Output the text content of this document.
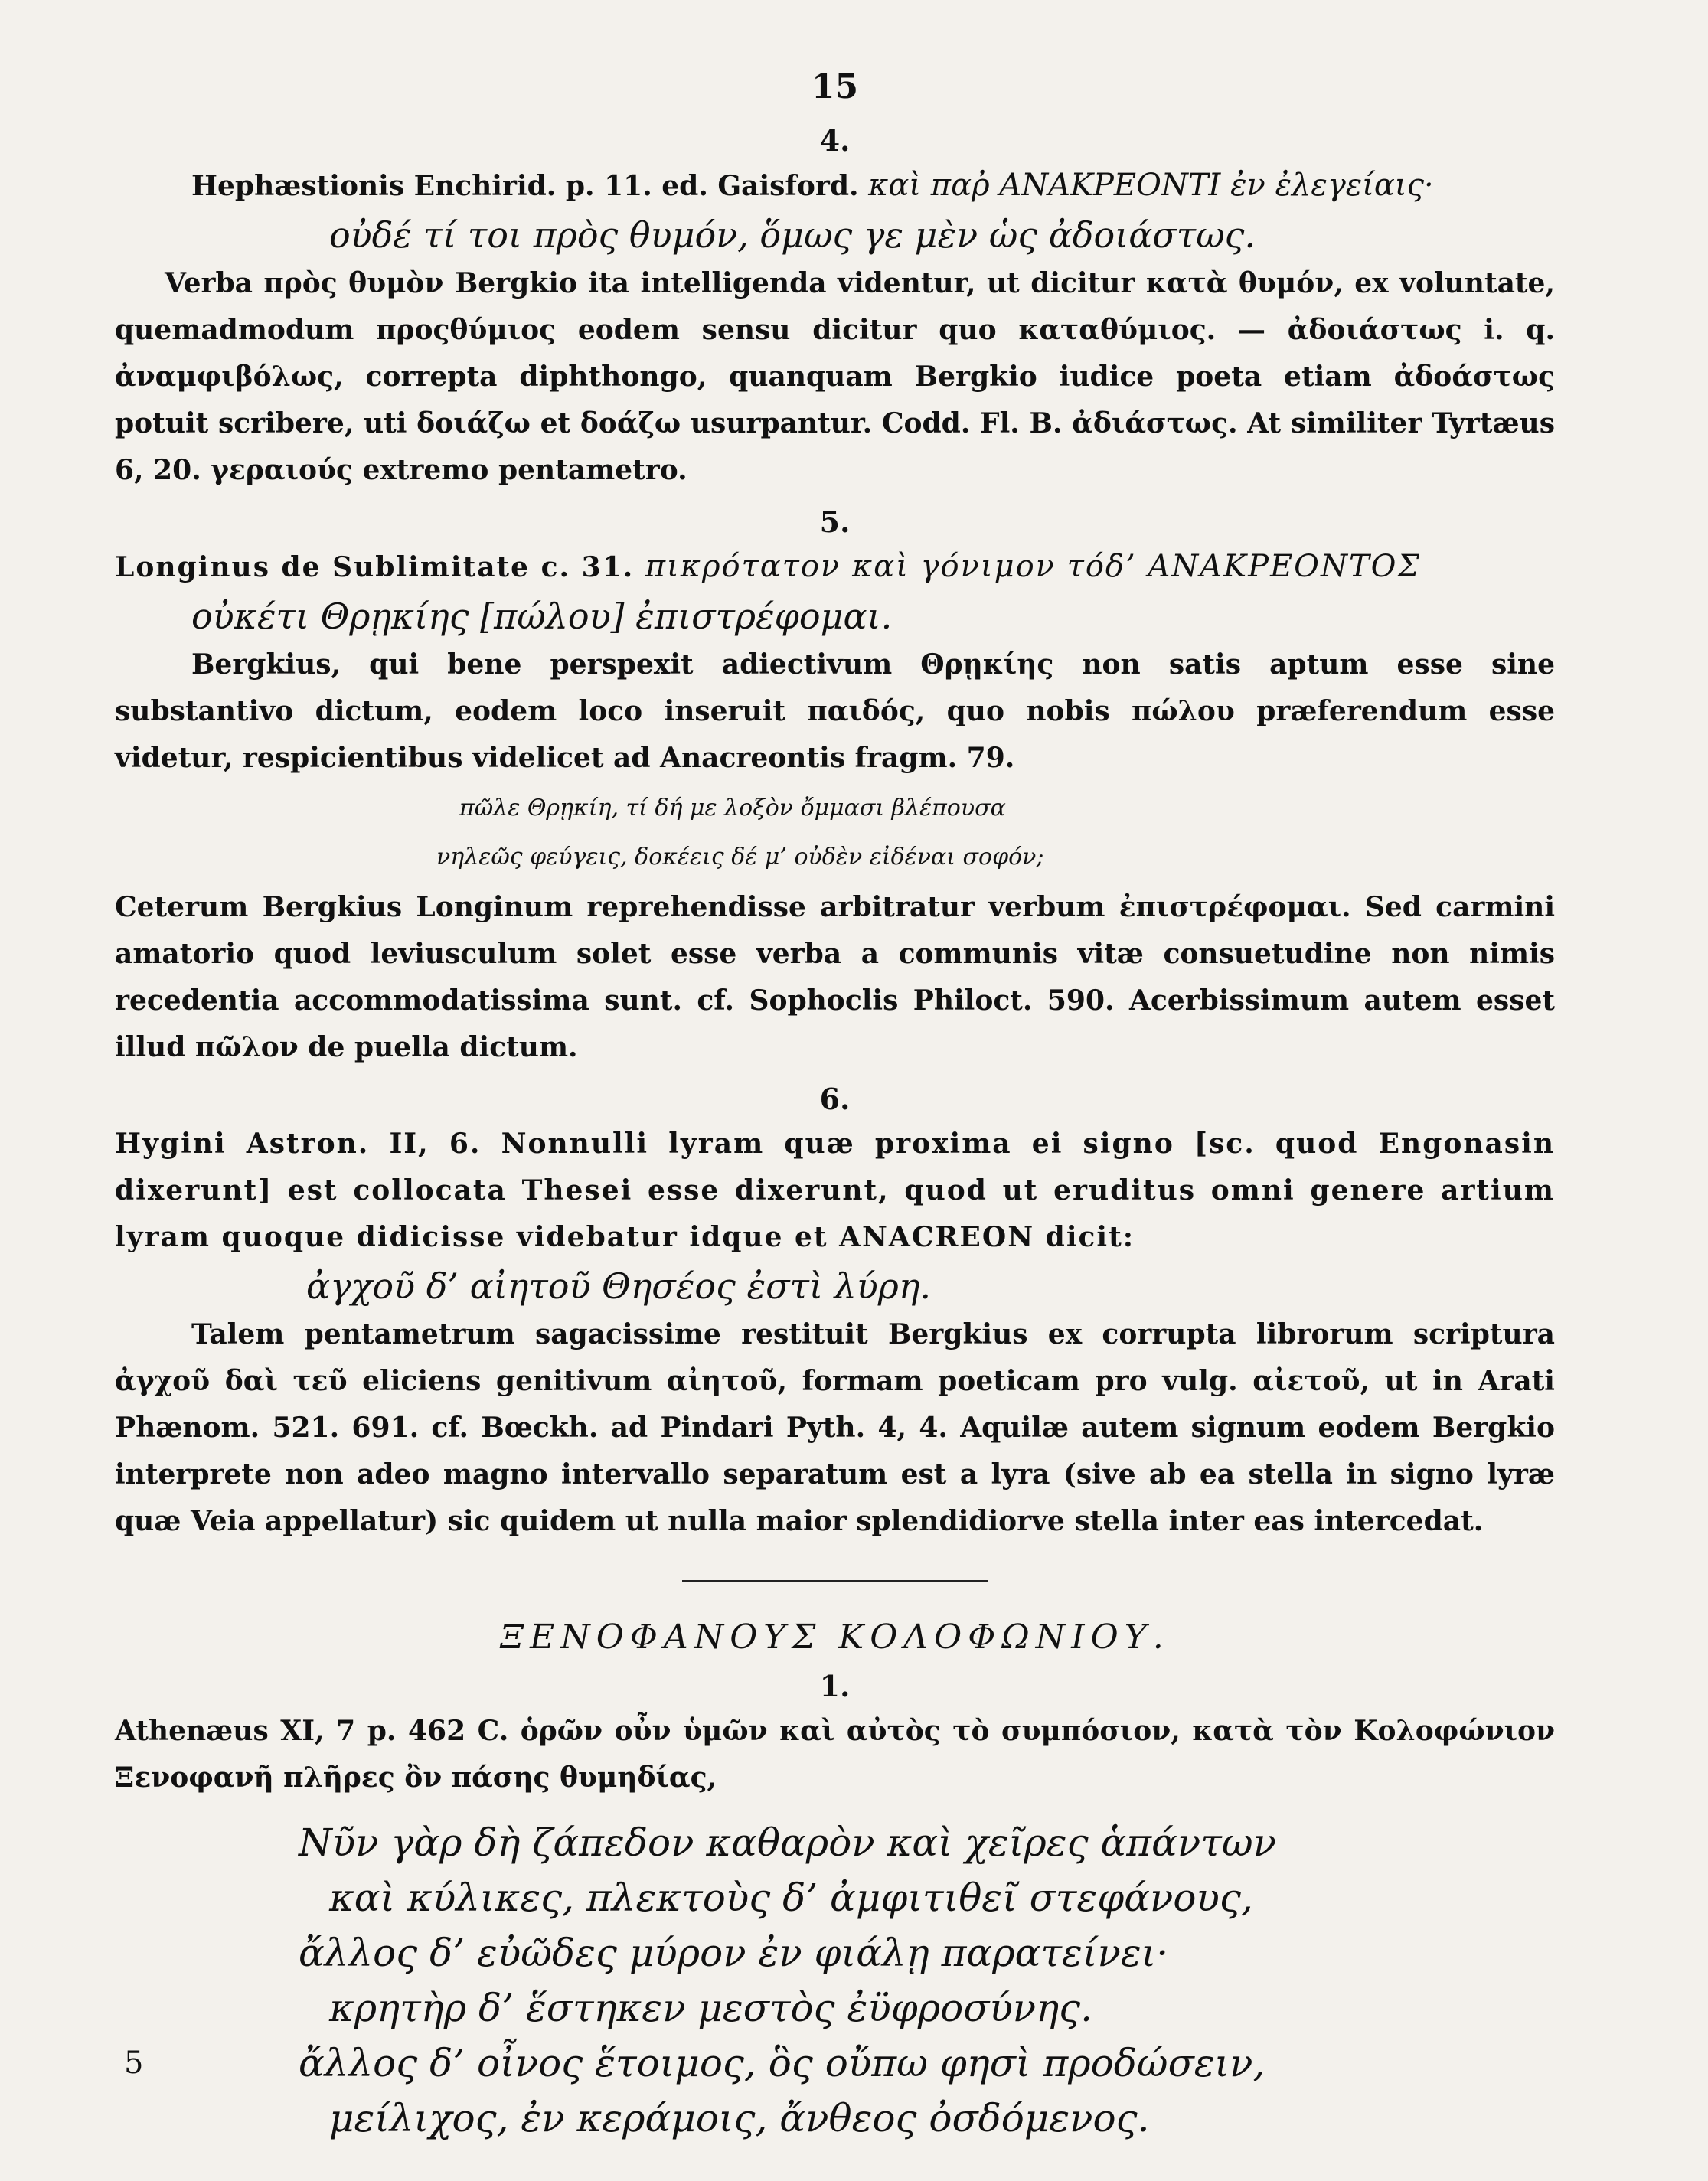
15
4.

Hephæstionis Enchirid. p. 11. ed. Gaisford. καὶ παῤ ΑΝΑΚΡΕΟΝΤΙ ἐν ἐλεγείαις·

οὐδέ τί τοι πρὸς θυμόν, ὅμως γε μὲν ὡς ἀδοιάστως.

Verba πρὸς θυμὸν Bergkio ita intelligenda videntur, ut dicitur κατὰ θυμόν, ex voluntate, quemadmodum προςθύμιος eodem sensu dicitur quo καταθύμιος. — ἀδοιάστως i. q. ἀναμφιβόλως, correpta diphthongo, quanquam Bergkio iudice poeta etiam ἀδοάστως potuit scribere, uti δοιάζω et δοάζω usurpantur. Codd. Fl. B. ἀδιάστως. At similiter Tyrtæus 6, 20. γεραιούς extremo pentametro.

5.

Longinus de Sublimitate c. 31. πικρότατον καὶ γόνιμον τόδ’ ΑΝΑΚΡΕΟΝΤΟΣ

οὐκέτι Θρῃκίης [πώλου] ἐπιστρέφομαι.

Bergkius, qui bene perspexit adiectivum Θρῃκίης non satis aptum esse sine substantivo dictum, eodem loco inseruit παιδός, quo nobis πώλου præferendum esse videtur, respicientibus videlicet ad Anacreontis fragm. 79.

πῶλε Θρῃκίη, τί δή με λοξὸν ὄμμασι βλέπουσα
νηλεῶς φεύγεις, δοκέεις δέ μ’ οὐδὲν εἰδέναι σοφόν;

Ceterum Bergkius Longinum reprehendisse arbitratur verbum ἐπιστρέφομαι. Sed carmini amatorio quod leviusculum solet esse verba a communis vitæ consuetudine non nimis recedentia accommodatissima sunt. cf. Sophoclis Philoct. 590. Acerbissimum autem esset illud πῶλον de puella dictum.

6.

Hygini Astron. II, 6. Nonnulli lyram quæ proxima ei signo [sc. quod Engonasin dixerunt] est collocata Thesei esse dixerunt, quod ut eruditus omni genere artium lyram quoque didicisse videbatur idque et ANACREON dicit:

ἀγχοῦ δ’ αἰητοῦ Θησέος ἐστὶ λύρη.

Talem pentametrum sagacissime restituit Bergkius ex corrupta librorum scriptura ἀγχοῦ δαὶ τεῦ eliciens genitivum αἰητοῦ, formam poeticam pro vulg. αἰετοῦ, ut in Arati Phænom. 521. 691. cf. Bœckh. ad Pindari Pyth. 4, 4. Aquilæ autem signum eodem Bergkio interprete non adeo magno intervallo separatum est a lyra (sive ab ea stella in signo lyræ quæ Veia appellatur) sic quidem ut nulla maior splendidiorve stella inter eas intercedat.

ΞΕΝΟΦΑΝΟΥΣ ΚΟΛΟΦΩΝΙΟΥ.
1.

Athenæus XI, 7 p. 462 C. ὁρῶν οὖν ὑμῶν καὶ αὐτὸς τὸ συμπόσιον, κατὰ τὸν Κολοφώνιον Ξενοφανῆ πλῆρες ὂν πάσης θυμηδίας,

Νῦν γὰρ δὴ ζάπεδον καθαρὸν καὶ χεῖρες ἁπάντων
καὶ κύλικες, πλεκτοὺς δ’ ἀμφιτιθεῖ στεφάνους,
ἄλλος δ’ εὐῶδες μύρον ἐν φιάλῃ παρατείνει·
κρητὴρ δ’ ἕστηκεν μεστὸς ἐϋφροσύνης.
5	ἄλλος δ’ οἶνος ἕτοιμος, ὃς οὔπω φησὶ προδώσειν,
μείλιχος, ἐν κεράμοις, ἄνθεος ὀσδόμενος.
